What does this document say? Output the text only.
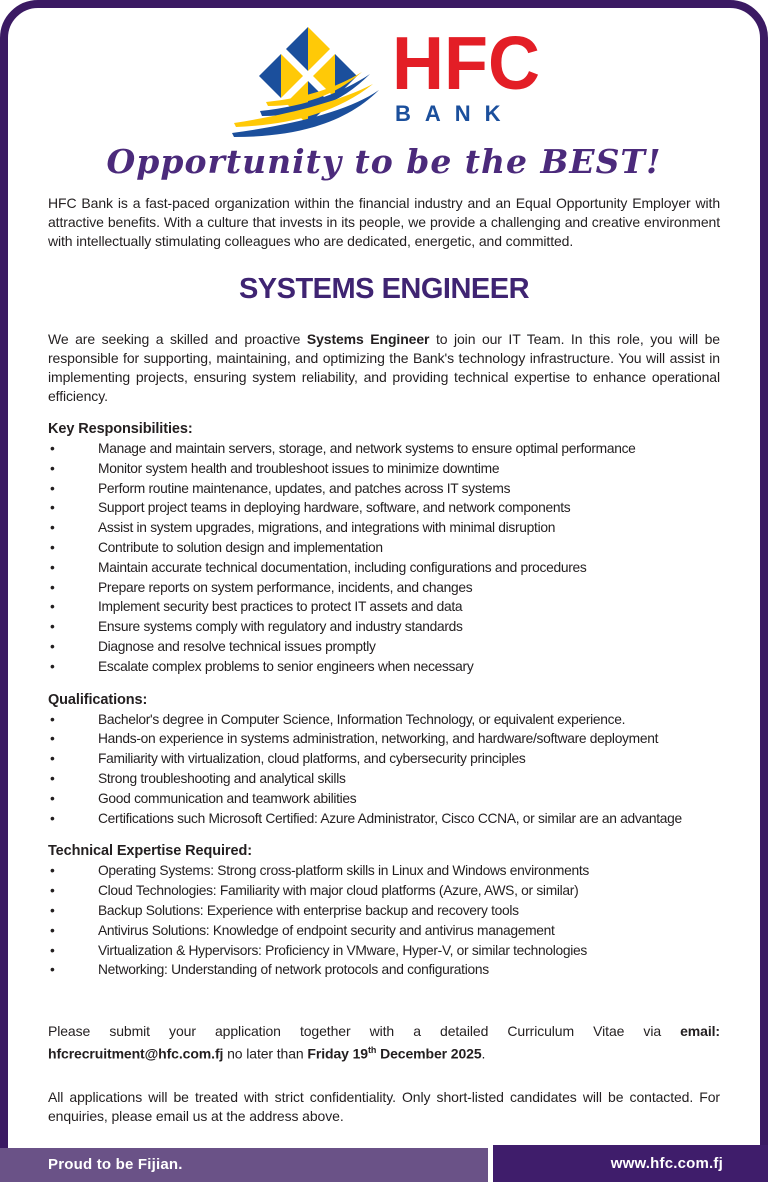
HFC
BANK
Opportunity to be the BEST!

HFC Bank is a fast-paced organization within the financial industry and an Equal Opportunity Employer with attractive benefits. With a culture that invests in its people, we provide a challenging and creative environment with intellectually stimulating colleagues who are dedicated, energetic, and committed.

SYSTEMS ENGINEER

We are seeking a skilled and proactive Systems Engineer to join our IT Team. In this role, you will be responsible for supporting, maintaining, and optimizing the Bank's technology infrastructure. You will assist in implementing projects, ensuring system reliability, and providing technical expertise to enhance operational efficiency.

Key Responsibilities:
• Manage and maintain servers, storage, and network systems to ensure optimal performance
• Monitor system health and troubleshoot issues to minimize downtime
• Perform routine maintenance, updates, and patches across IT systems
• Support project teams in deploying hardware, software, and network components
• Assist in system upgrades, migrations, and integrations with minimal disruption
• Contribute to solution design and implementation
• Maintain accurate technical documentation, including configurations and procedures
• Prepare reports on system performance, incidents, and changes
• Implement security best practices to protect IT assets and data
• Ensure systems comply with regulatory and industry standards
• Diagnose and resolve technical issues promptly
• Escalate complex problems to senior engineers when necessary
Qualifications:
• Bachelor's degree in Computer Science, Information Technology, or equivalent experience.
• Hands-on experience in systems administration, networking, and hardware/software deployment
• Familiarity with virtualization, cloud platforms, and cybersecurity principles
• Strong troubleshooting and analytical skills
• Good communication and teamwork abilities
• Certifications such Microsoft Certified: Azure Administrator, Cisco CCNA, or similar are an advantage
Technical Expertise Required:
• Operating Systems: Strong cross-platform skills in Linux and Windows environments
• Cloud Technologies: Familiarity with major cloud platforms (Azure, AWS, or similar)
• Backup Solutions: Experience with enterprise backup and recovery tools
• Antivirus Solutions: Knowledge of endpoint security and antivirus management
• Virtualization & Hypervisors: Proficiency in VMware, Hyper-V, or similar technologies
• Networking: Understanding of network protocols and configurations

Please submit your application together with a detailed Curriculum Vitae via email: hfcrecruitment@hfc.com.fj no later than Friday 19th December 2025.

All applications will be treated with strict confidentiality. Only short-listed candidates will be contacted. For enquiries, please email us at the address above.

Proud to be Fijian.	www.hfc.com.fj
